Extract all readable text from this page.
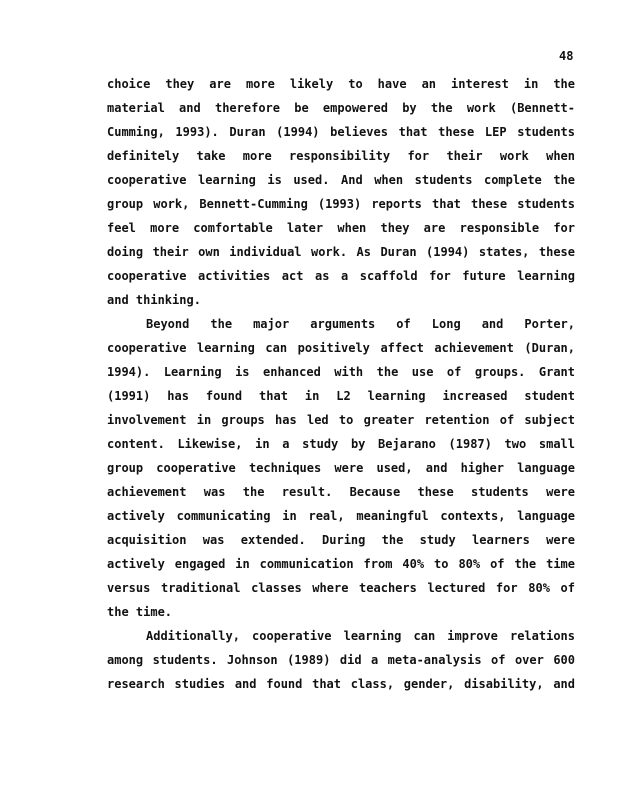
48
choice they are more likely to have an interest in the
material and therefore be empowered by the work (Bennett-
Cumming, 1993). Duran (1994) believes that these LEP students
definitely take more responsibility for their work when
cooperative learning is used. And when students complete the
group work, Bennett-Cumming (1993) reports that these students
feel more comfortable later when they are responsible for
doing their own individual work. As Duran (1994) states, these
cooperative activities act as a scaffold for future learning
and thinking.
Beyond the major arguments of Long and Porter,
cooperative learning can positively affect achievement (Duran,
1994). Learning is enhanced with the use of groups. Grant
(1991) has found that in L2 learning increased student
involvement in groups has led to greater retention of subject
content. Likewise, in a study by Bejarano (1987) two small
group cooperative techniques were used, and higher language
achievement was the result. Because these students were
actively communicating in real, meaningful contexts, language
acquisition was extended. During the study learners were
actively engaged in communication from 40% to 80% of the time
versus traditional classes where teachers lectured for 80% of
the time.
Additionally, cooperative learning can improve relations
among students. Johnson (1989) did a meta-analysis of over 600
research studies and found that class, gender, disability, and
